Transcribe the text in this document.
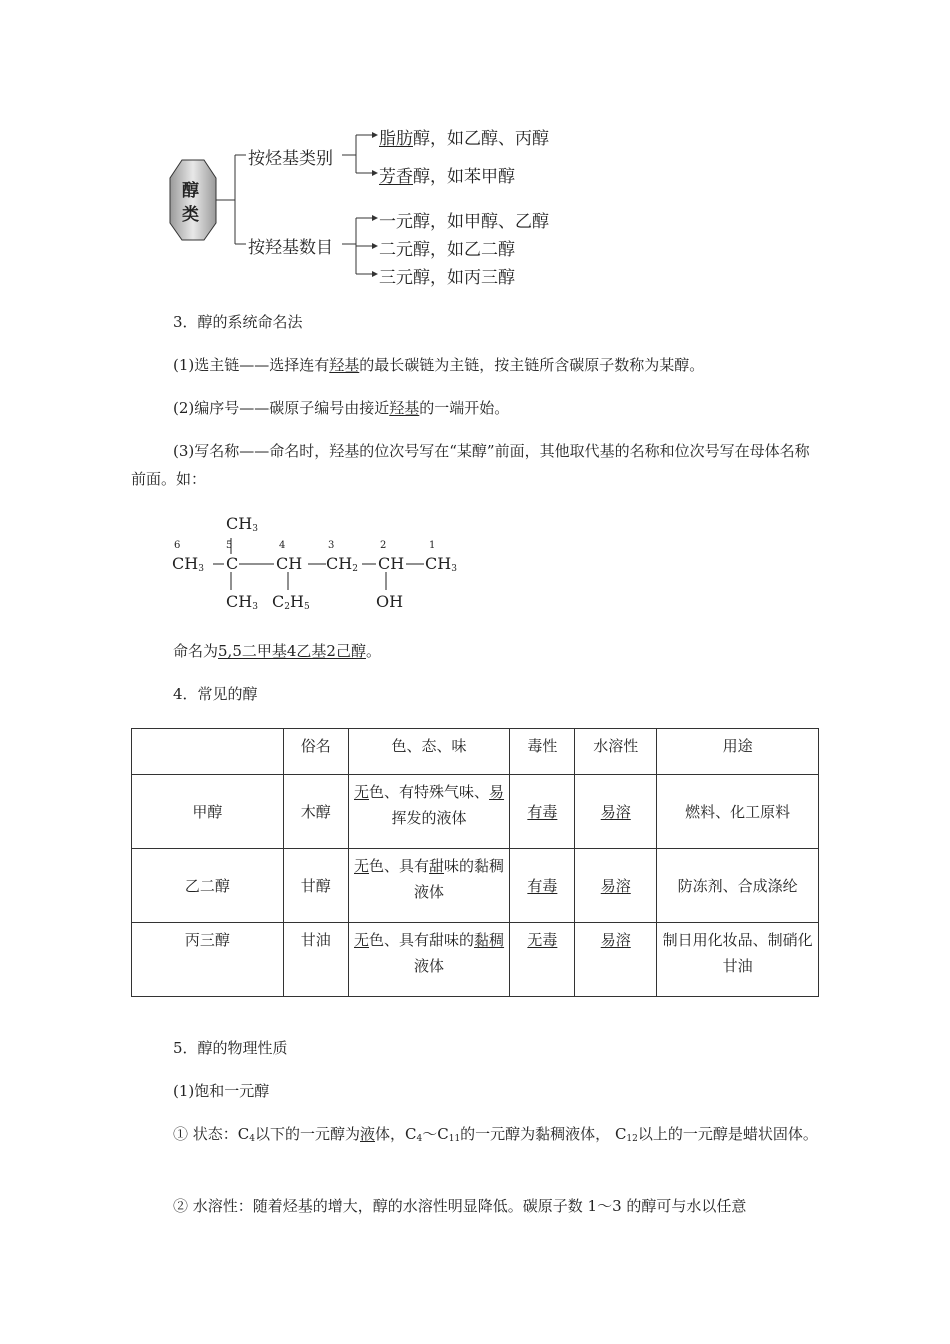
醇
类
按烃基类别
脂肪醇，如乙醇、丙醇
芳香醇，如苯甲醇
按羟基数目
一元醇，如甲醇、乙醇
二元醇，如乙二醇
三元醇，如丙三醇
3．醇的系统命名法
(1)选主链——选择连有羟基的最长碳链为主链，按主链所含碳原子数称为某醇。
(2)编序号——碳原子编号由接近羟基的一端开始。
(3)写名称——命名时，羟基的位次号写在“某醇”前面，其他取代基的名称和位次号写在母体名称前面。如：
$CH_3$
6	5	4	3	2	1
$CH_3$ C CH $CH_2$ CH $CH_3$
$CH_3$ $C_2H_5$	OH
命名为5,5二甲基4乙基2己醇。
4．常见的醇
	俗名	色、态、味	毒性	水溶性	用途
甲醇	木醇	无色、有特殊气味、易挥发的液体	有毒	易溶	燃料、化工原料
乙二醇	甘醇	无色、具有甜味的黏稠液体	有毒	易溶	防冻剂、合成涤纶
丙三醇	甘油	无色、具有甜味的黏稠液体	无毒	易溶	制日用化妆品、制硝化甘油
5．醇的物理性质
(1)饱和一元醇
① 状态：$C_4$以下的一元醇为液体，$C_4\sim C_{11}$的一元醇为黏稠液体， $C_{12}$以上的一元醇是蜡状固体。
② 水溶性：随着烃基的增大，醇的水溶性明显降低。碳原子数 1～3 的醇可与水以任意
